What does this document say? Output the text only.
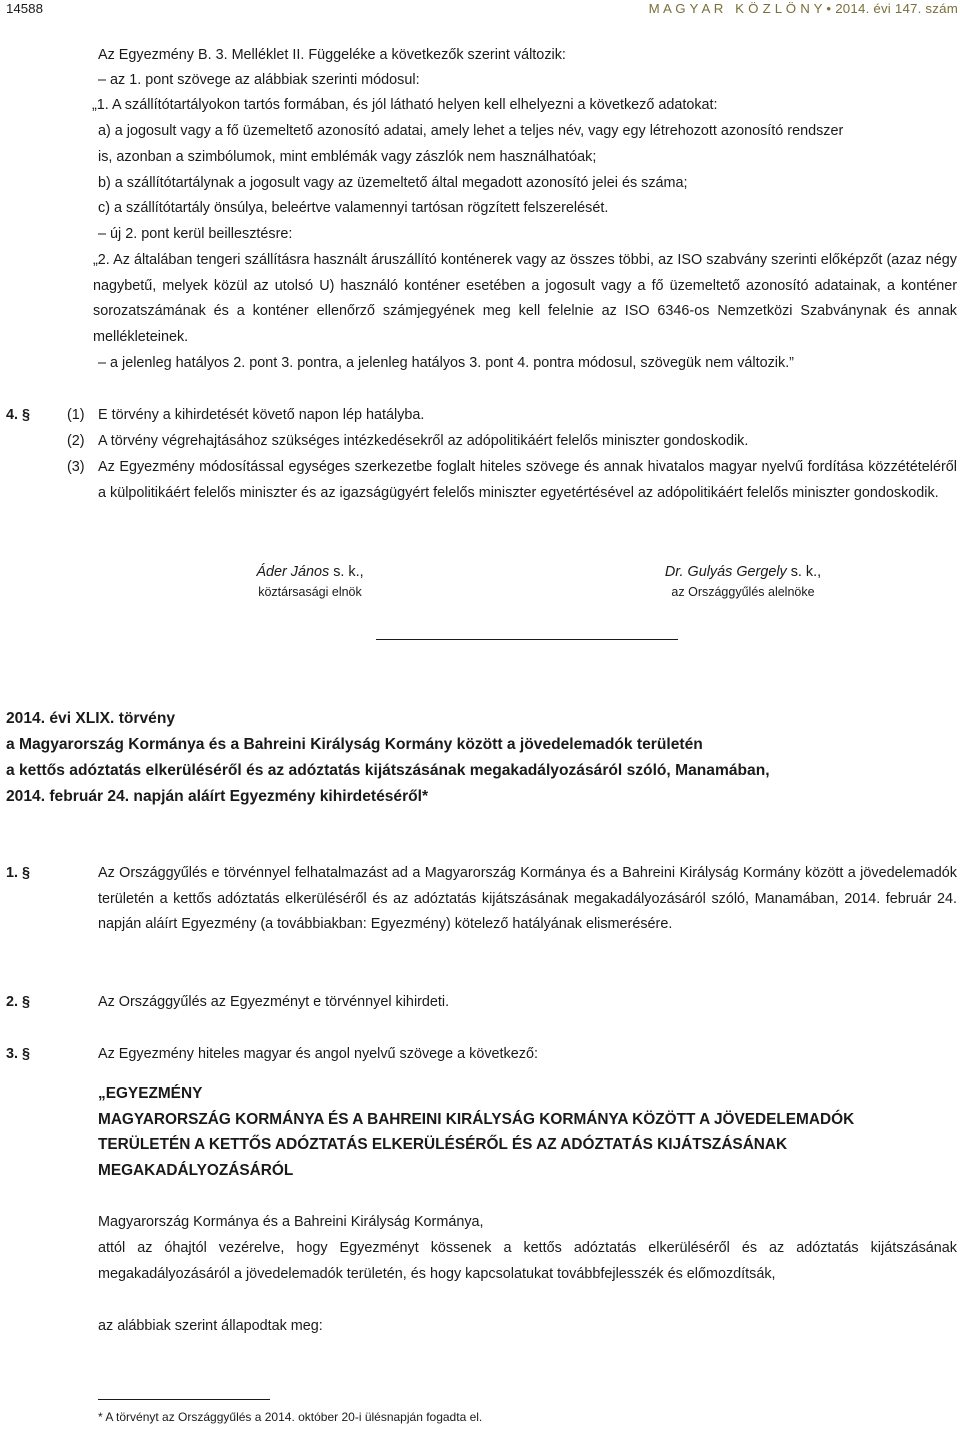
14588	M A G Y A R   K Ö Z L Ö N Y • 2014. évi 147. szám
Az Egyezmény B. 3. Melléklet II. Függeléke a következők szerint változik:
– az 1. pont szövege az alábbiak szerinti módosul:
„1. A szállítótartályokon tartós formában, és jól látható helyen kell elhelyezni a következő adatokat:
a) a jogosult vagy a fő üzemeltető azonosító adatai, amely lehet a teljes név, vagy egy létrehozott azonosító rendszer
is, azonban a szimbólumok, mint emblémák vagy zászlók nem használhatóak;
b) a szállítótartálynak a jogosult vagy az üzemeltető által megadott azonosító jelei és száma;
c) a szállítótartály önsúlya, beleértve valamennyi tartósan rögzített felszerelését.
– új 2. pont kerül beillesztésre:
„2. Az általában tengeri szállításra használt áruszállító konténerek vagy az összes többi, az ISO szabvány szerinti előképzőt (azaz négy nagybetű, melyek közül az utolsó U) használó konténer esetében a jogosult vagy a fő üzemeltető azonosító adatainak, a konténer sorozatszámának és a konténer ellenőrző számjegyének meg kell felelnie az ISO 6346-os Nemzetközi Szabványnak és annak mellékleteinek.
– a jelenleg hatályos 2. pont 3. pontra, a jelenleg hatályos 3. pont 4. pontra módosul, szövegük nem változik.”
4. §	(1) E törvény a kihirdetését követő napon lép hatályba.
(2) A törvény végrehajtásához szükséges intézkedésekről az adópolitikáért felelős miniszter gondoskodik.
(3) Az Egyezmény módosítással egységes szerkezetbe foglalt hiteles szövege és annak hivatalos magyar nyelvű fordítása közzétételéről a külpolitikáért felelős miniszter és az igazságügyért felelős miniszter egyetértésével az adópolitikáért felelős miniszter gondoskodik.
Áder János s. k.,
köztársasági elnök
Dr. Gulyás Gergely s. k.,
az Országgyűlés alelnöke
2014. évi XLIX. törvény
a Magyarország Kormánya és a Bahreini Királyság Kormány között a jövedelemadók területén
a kettős adóztatás elkerüléséről és az adóztatás kijátszásának megakadályozásáról szóló, Manamában,
2014. február 24. napján aláírt Egyezmény kihirdetéséről*
1. §	Az Országgyűlés e törvénnyel felhatalmazást ad a Magyarország Kormánya és a Bahreini Királyság Kormány között a jövedelemadók területén a kettős adóztatás elkerüléséről és az adóztatás kijátszásának megakadályozásáról szóló, Manamában, 2014. február 24. napján aláírt Egyezmény (a továbbiakban: Egyezmény) kötelező hatályának elismerésére.
2. §	Az Országgyűlés az Egyezményt e törvénnyel kihirdeti.
3. §	Az Egyezmény hiteles magyar és angol nyelvű szövege a következő:
„EGYEZMÉNY
MAGYARORSZÁG KORMÁNYA ÉS A BAHREINI KIRÁLYSÁG KORMÁNYA KÖZÖTT A JÖVEDELEMADÓK
TERÜLETÉN A KETTŐS ADÓZTATÁS ELKERÜLÉSÉRŐL ÉS AZ ADÓZTATÁS KIJÁTSZÁSÁNAK
MEGAKADÁLYOZÁSÁRÓL
Magyarország Kormánya és a Bahreini Királyság Kormánya,
attól az óhajtól vezérelve, hogy Egyezményt kössenek a kettős adóztatás elkerüléséről és az adóztatás kijátszásának megakadályozásáról a jövedelemadók területén, és hogy kapcsolatukat továbbfejlesszék és előmozdítsák,
az alábbiak szerint állapodtak meg:
* A törvényt az Országgyűlés a 2014. október 20-i ülésnapján fogadta el.
